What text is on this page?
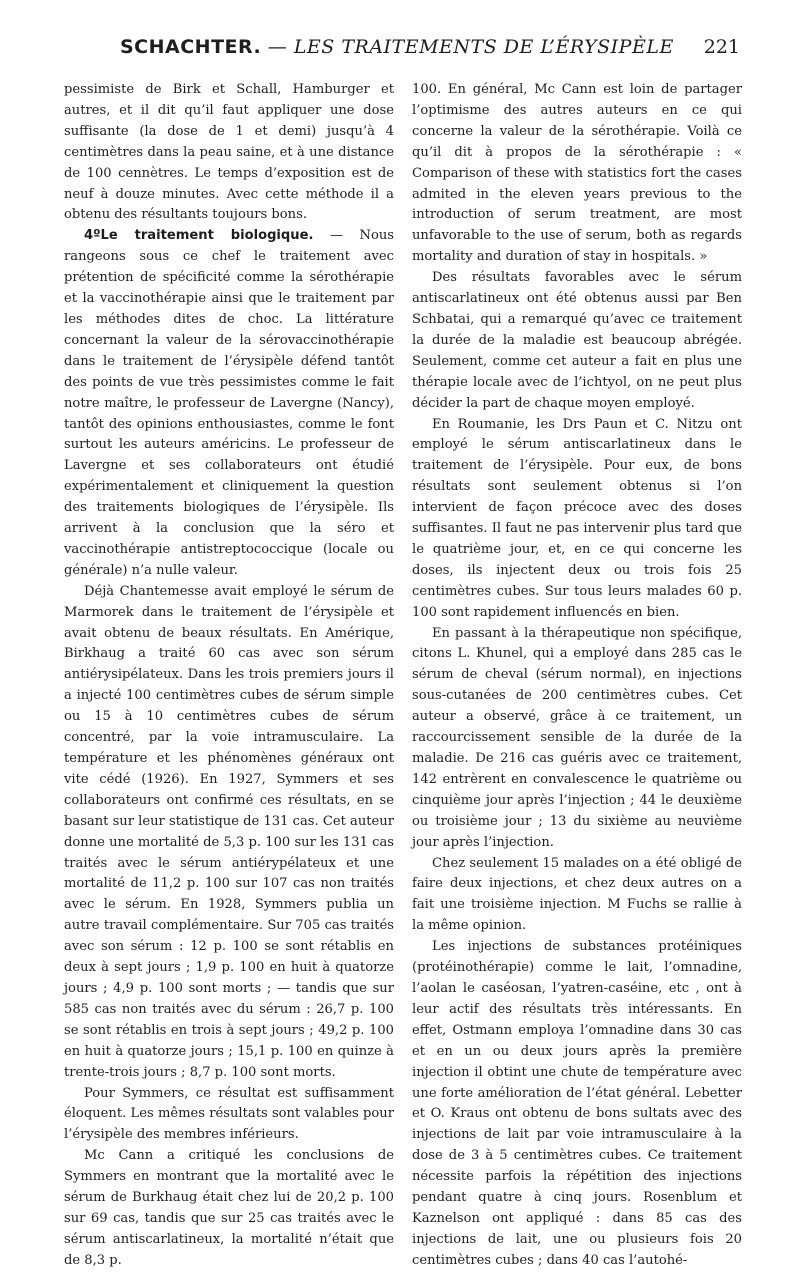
SCHACHTER. — LES TRAITEMENTS DE L’ÉRYSIPÈLE 221

pessimiste de Birk et Schall, Hamburger et autres, et il dit qu’il faut appliquer une dose suffisante (la dose de 1 et demi) jusqu’à 4 centimètres dans la peau saine, et à une distance de 100 cennètres. Le temps d’exposition est de neuf à douze minutes. Avec cette méthode il a obtenu des résultants toujours bons.

4ºLe traitement biologique. — Nous rangeons sous ce chef le traitement avec prétention de spécificité comme la sérothérapie et la vaccinothérapie ainsi que le traitement par les méthodes dites de choc. La littérature concernant la valeur de la sérovaccinothérapie dans le traitement de l’érysipèle défend tantôt des points de vue très pessimistes comme le fait notre maître, le professeur de Lavergne (Nancy), tantôt des opinions enthousiastes, comme le font surtout les auteurs américins. Le professeur de Lavergne et ses collaborateurs ont étudié expérimentalement et cliniquement la question des traitements biologiques de l’érysipèle. Ils arrivent à la conclusion que la séro et vaccinothérapie antistreptococcique (locale ou générale) n’a nulle valeur.

Déjà Chantemesse avait employé le sérum de Marmorek dans le traitement de l’érysipèle et avait obtenu de beaux résultats. En Amérique, Birkhaug a traité 60 cas avec son sérum antiérysipélateux. Dans les trois premiers jours il a injecté 100 centimètres cubes de sérum simple ou 15 à 10 centimètres cubes de sérum concentré, par la voie intramusculaire. La température et les phénomènes généraux ont vite cédé (1926). En 1927, Symmers et ses collaborateurs ont confirmé ces résultats, en se basant sur leur statistique de 131 cas. Cet auteur donne une mortalité de 5,3 p. 100 sur les 131 cas traités avec le sérum antiérypélateux et une mortalité de 11,2 p. 100 sur 107 cas non traités avec le sérum. En 1928, Symmers publia un autre travail complémentaire. Sur 705 cas traités avec son sérum : 12 p. 100 se sont rétablis en deux à sept jours ; 1,9 p. 100 en huit à quatorze jours ; 4,9 p. 100 sont morts ; — tandis que sur 585 cas non traités avec du sérum : 26,7 p. 100 se sont rétablis en trois à sept jours ; 49,2 p. 100 en huit à quatorze jours ; 15,1 p. 100 en quinze à trente-trois jours ; 8,7 p. 100 sont morts.

Pour Symmers, ce résultat est suffisamment éloquent. Les mêmes résultats sont valables pour l’érysipèle des membres inférieurs.

Mc Cann a critiqué les conclusions de Symmers en montrant que la mortalité avec le sérum de Burkhaug était chez lui de 20,2 p. 100 sur 69 cas, tandis que sur 25 cas traités avec le sérum antiscarlatineux, la mortalité n’était que de 8,3 p.

100. En général, Mc Cann est loin de partager l’optimisme des autres auteurs en ce qui concerne la valeur de la sérothérapie. Voilà ce qu’il dit à propos de la sérothérapie : « Comparison of these with statistics fort the cases admited in the eleven years previous to the introduction of serum treatment, are most unfavorable to the use of serum, both as regards mortality and duration of stay in hospitals. »

Des résultats favorables avec le sérum antiscarlatineux ont été obtenus aussi par Ben Schbatai, qui a remarqué qu’avec ce traitement la durée de la maladie est beaucoup abrégée. Seulement, comme cet auteur a fait en plus une thérapie locale avec de l’ichtyol, on ne peut plus décider la part de chaque moyen employé.

En Roumanie, les Drs Paun et C. Nitzu ont employé le sérum antiscarlatineux dans le traitement de l’érysipèle. Pour eux, de bons résultats sont seulement obtenus si l’on intervient de façon précoce avec des doses suffisantes. Il faut ne pas intervenir plus tard que le quatrième jour, et, en ce qui concerne les doses, ils injectent deux ou trois fois 25 centimètres cubes. Sur tous leurs malades 60 p. 100 sont rapidement influencés en bien.

En passant à la thérapeutique non spécifique, citons L. Khunel, qui a employé dans 285 cas le sérum de cheval (sérum normal), en injections sous-cutanées de 200 centimètres cubes. Cet auteur a observé, grâce à ce traitement, un raccourcissement sensible de la durée de la maladie. De 216 cas guéris avec ce traitement, 142 entrèrent en convalescence le quatrième ou cinquième jour après l’injection ; 44 le deuxième ou troisième jour ; 13 du sixième au neuvième jour après l’injection.

Chez seulement 15 malades on a été obligé de faire deux injections, et chez deux autres on a fait une troisième injection. M Fuchs se rallie à la même opinion.

Les injections de substances protéiniques (protéinothérapie) comme le lait, l’omnadine, l’aolan le caséosan, l’yatren-caséine, etc , ont à leur actif des résultats très intéressants. En effet, Ostmann employa l’omnadine dans 30 cas et en un ou deux jours après la première injection il obtint une chute de température avec une forte amélioration de l’état général. Lebetter et O. Kraus ont obtenu de bons sultats avec des injections de lait par voie intramusculaire à la dose de 3 à 5 centimètres cubes. Ce traitement nécessite parfois la répétition des injections pendant quatre à cinq jours. Rosenblum et Kaznelson ont appliqué : dans 85 cas des injections de lait, une ou plusieurs fois 20 centimètres cubes ; dans 40 cas l’autohé-
